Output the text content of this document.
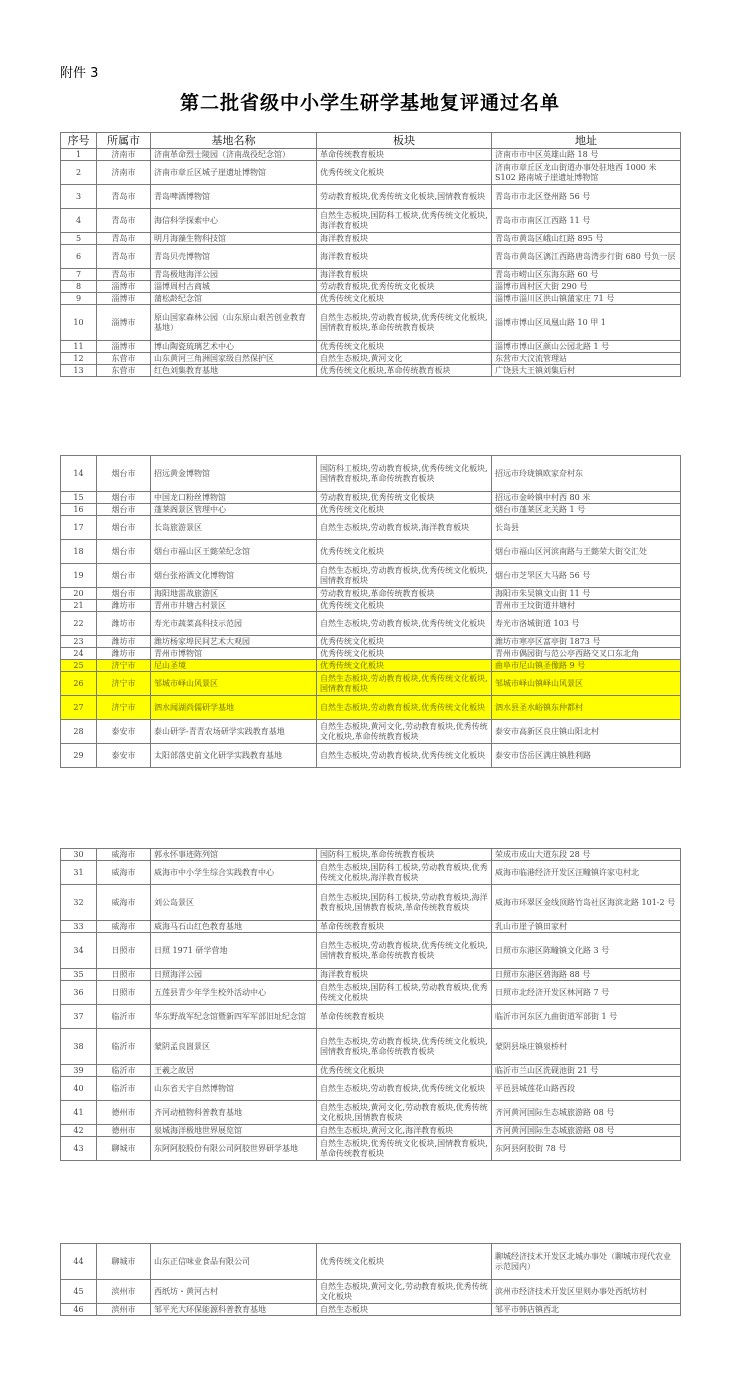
附件 3
第二批省级中小学生研学基地复评通过名单
序号	所属市	基地名称	板块	地址
1	济南市	济南革命烈士陵园（济南战役纪念馆）	革命传统教育板块	济南市市中区英雄山路 18 号
2	济南市	济南市章丘区城子崖遗址博物馆	优秀传统文化板块	济南市章丘区龙山街道办事处驻地西 1000 米 S102 路南城子崖遗址博物馆
3	青岛市	青岛啤酒博物馆	劳动教育板块,优秀传统文化板块,国情教育板块	青岛市市北区登州路 56 号
4	青岛市	海信科学探索中心	自然生态板块,国防科工板块,优秀传统文化板块,海洋教育板块	青岛市市南区江西路 11 号
5	青岛市	明月海藻生物科技馆	海洋教育板块	青岛市黄岛区峨山红路 895 号
6	青岛市	青岛贝壳博物馆	海洋教育板块	青岛市黄岛区漓江西路唐岛湾步行街 680 号负一层
7	青岛市	青岛极地海洋公园	海洋教育板块	青岛市崂山区东海东路 60 号
8	淄博市	淄博周村古商城	劳动教育板块,优秀传统文化板块	淄博市周村区大街 290 号
9	淄博市	蒲松龄纪念馆	优秀传统文化板块	淄博市淄川区洪山镇蒲家庄 71 号
10	淄博市	原山国家森林公园（山东原山艰苦创业教育基地）	自然生态板块,劳动教育板块,优秀传统文化板块,国情教育板块,革命传统教育板块	淄博市博山区凤凰山路 10 甲 1
11	淄博市	博山陶瓷琉璃艺术中心	优秀传统文化板块	淄博市博山区颜山公园北路 1 号
12	东营市	山东黄河三角洲国家级自然保护区	自然生态板块,黄河文化	东营市大汶流管理站
13	东营市	红色刘集教育基地	优秀传统文化板块,革命传统教育板块	广饶县大王镇刘集后村
14	烟台市	招远黄金博物馆	国防科工板块,劳动教育板块,优秀传统文化板块,国情教育板块,革命传统教育板块	招远市玲珑镇欧家夼村东
15	烟台市	中国龙口粉丝博物馆	劳动教育板块,优秀传统文化板块	招远市金岭镇中村西 80 米
16	烟台市	蓬莱阁景区管理中心	优秀传统文化板块	烟台市蓬莱区北关路 1 号
17	烟台市	长岛旅游景区	自然生态板块,劳动教育板块,海洋教育板块	长岛县
18	烟台市	烟台市福山区王懿荣纪念馆	优秀传统文化板块	烟台市福山区河滨南路与王懿荣大街交汇处
19	烟台市	烟台张裕酒文化博物馆	自然生态板块,劳动教育板块,优秀传统文化板块,国情教育板块	烟台市芝罘区大马路 56 号
20	烟台市	海阳地雷战旅游区	劳动教育板块,革命传统教育板块	海阳市朱吴镇文山街 11 号
21	潍坊市	青州市井塘古村景区	优秀传统文化板块	青州市王坟街道井塘村
22	潍坊市	寿光市蔬菜高科技示范园	自然生态板块,劳动教育板块,优秀传统文化板块	寿光市洛城街道 103 号
23	潍坊市	潍坊杨家埠民间艺术大观园	优秀传统文化板块	潍坊市寒亭区富亭街 1873 号
24	潍坊市	青州市博物馆	优秀传统文化板块	青州市偶园街与范公亭西路交叉口东北角
25	济宁市	尼山圣境	优秀传统文化板块	曲阜市尼山镇圣像路 9 号
26	济宁市	邹城市峄山风景区	自然生态板块,劳动教育板块,优秀传统文化板块,国情教育板块	邹城市峄山镇峄山风景区
27	济宁市	泗水闻湖尚儒研学基地	自然生态板块,劳动教育板块,优秀传统文化板块	泗水县圣水峪镇东仲都村
28	泰安市	泰山研学-青青农场研学实践教育基地	自然生态板块,黄河文化,劳动教育板块,优秀传统文化板块,革命传统教育板块	泰安市高新区良庄镇山阳北村
29	泰安市	太阳部落史前文化研学实践教育基地	自然生态板块,劳动教育板块,优秀传统文化板块	泰安市岱岳区满庄镇胜利路
30	威海市	郭永怀事迹陈列馆	国防科工板块,革命传统教育板块	荣成市成山大道东段 28 号
31	威海市	威海市中小学生综合实践教育中心	自然生态板块,国防科工板块,劳动教育板块,优秀传统文化板块,海洋教育板块	威海市临港经济开发区汪疃镇许家屯村北
32	威海市	刘公岛景区	自然生态板块,国防科工板块,劳动教育板块,海洋教育板块,国情教育板块,革命传统教育板块	威海市环翠区金线顶路竹岛社区海滨北路 101-2 号
33	威海市	威海马石山红色教育基地	革命传统教育板块	乳山市崖子镇田家村
34	日照市	日照 1971 研学营地	自然生态板块,劳动教育板块,优秀传统文化板块,国情教育板块,革命传统教育板块	日照市东港区陈疃镇文化路 3 号
35	日照市	日照海洋公园	海洋教育板块	日照市东港区碧海路 88 号
36	日照市	五莲县青少年学生校外活动中心	自然生态板块,国防科工板块,劳动教育板块,优秀传统文化板块	日照市北经济开发区林河路 7 号
37	临沂市	华东野战军纪念馆暨新四军军部旧址纪念馆	革命传统教育板块	临沂市河东区九曲街道军部街 1 号
38	临沂市	蒙阴孟良崮景区	自然生态板块,劳动教育板块,优秀传统文化板块,国情教育板块,革命传统教育板块	蒙阴县垛庄镇泉桥村
39	临沂市	王羲之故居	优秀传统文化板块	临沂市兰山区洗砚池街 21 号
40	临沂市	山东省天宇自然博物馆	自然生态板块,劳动教育板块,优秀传统文化板块	平邑县城莲花山路西段
41	德州市	齐河动植物科普教育基地	自然生态板块,黄河文化,劳动教育板块,优秀传统文化板块,国情教育板块	齐河黄河国际生态城旅游路 08 号
42	德州市	泉城海洋极地世界展览馆	自然生态板块,黄河文化,海洋教育板块	齐河黄河国际生态城旅游路 08 号
43	聊城市	东阿阿胶股份有限公司阿胶世界研学基地	自然生态板块,优秀传统文化板块,国情教育板块,革命传统教育板块	东阿县阿胶街 78 号
44	聊城市	山东正信味业食品有限公司	优秀传统文化板块	聊城经济技术开发区北城办事处（聊城市现代农业示范园内）
45	滨州市	西纸坊・黄河古村	自然生态板块,黄河文化,劳动教育板块,优秀传统文化板块	滨州市经济技术开发区里则办事处西纸坊村
46	滨州市	邹平光大环保能源科普教育基地	自然生态板块	邹平市韩店镇西北
